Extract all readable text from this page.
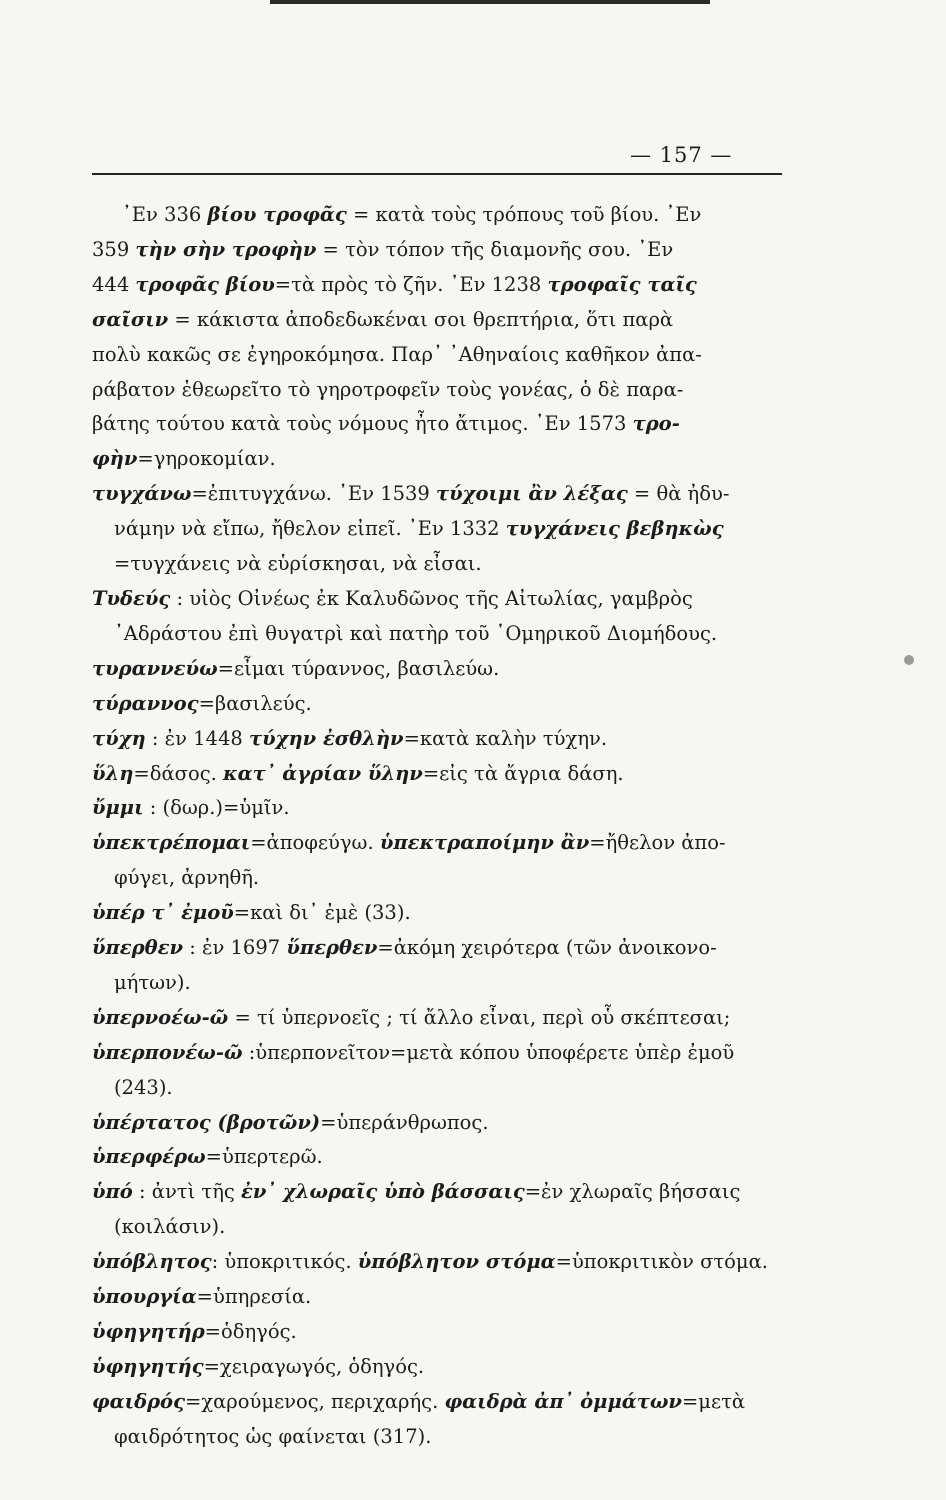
— 157 —

᾿Εν 336 βίου τροφᾶς = κατὰ τοὺς τρόπους τοῦ βίου. ᾿Εν

359 τὴν σὴν τροφὴν = τὸν τόπον τῆς διαμονῆς σου. ᾿Εν

444 τροφᾶς βίου=τὰ πρὸς τὸ ζῆν. ᾿Εν 1238 τροφαῖς ταῖς

σαῖσιν = κάκιστα ἀποδεδωκέναι σοι θρεπτήρια, ὅτι παρὰ

πολὺ κακῶς σε ἐγηροκόμησα. Παρ᾿ ᾿Αθηναίοις καθῆκον ἀπα-

ράβατον ἐθεωρεῖτο τὸ γηροτροφεῖν τοὺς γονέας, ὁ δὲ παρα-

βάτης τούτου κατὰ τοὺς νόμους ἦτο ἄτιμος. ᾿Εν 1573 τρο-

φὴν=γηροκομίαν.

τυγχάνω=ἐπιτυγχάνω. ᾿Εν 1539 τύχοιμι ἂν λέξας = θὰ ἠδυ-
νάμην νὰ εἴπω, ἤθελον εἰπεῖ. ᾿Εν 1332 τυγχάνεις βεβηκὼς
=τυγχάνεις νὰ εὑρίσκησαι, νὰ εἶσαι.
Τυδεύς : υἱὸς Οἰνέως ἐκ Καλυδῶνος τῆς Αἰτωλίας, γαμβρὸς
᾿Αδράστου ἐπὶ θυγατρὶ καὶ πατὴρ τοῦ ῾Ομηρικοῦ Διομήδους.
τυραννεύω=εἶμαι τύραννος, βασιλεύω.
τύραννος=βασιλεύς.
τύχη : ἐν 1448 τύχην ἐσθλὴν=κατὰ καλὴν τύχην.
ὕλη=δάσος. κατ᾿ ἀγρίαν ὕλην=εἰς τὰ ἄγρια δάση.
ὔμμι : (δωρ.)=ὑμῖν.
ὑπεκτρέπομαι=ἀποφεύγω. ὑπεκτραποίμην ἂν=ἤθελον ἀπο-
φύγει, ἀρνηθῆ.
ὑπέρ τ᾿ ἐμοῦ=καὶ δι᾿ ἐμὲ (33).
ὕπερθεν : ἐν 1697 ὕπερθεν=ἀκόμη χειρότερα (τῶν ἀνοικονο-
μήτων).
ὑπερνοέω-ῶ = τί ὑπερνοεῖς ; τί ἄλλο εἶναι, περὶ οὗ σκέπτεσαι;
ὑπερπονέω-ῶ :ὑπερπονεῖτον=μετὰ κόπου ὑποφέρετε ὑπὲρ ἐμοῦ
(243).
ὑπέρτατος (βροτῶν)=ὑπεράνθρωπος.
ὑπερφέρω=ὑπερτερῶ.
ὑπό : ἀντὶ τῆς ἐν᾿ χλωραῖς ὑπὸ βάσσαις=ἐν χλωραῖς βήσσαις
(κοιλάσιν).
ὑπόβλητος: ὑποκριτικός. ὑπόβλητον στόμα=ὑποκριτικὸν στόμα.
ὑπουργία=ὑπηρεσία.
ὑφηγητήρ=ὁδηγός.
ὑφηγητής=χειραγωγός, ὁδηγός.
φαιδρός=χαρούμενος, περιχαρής. φαιδρὰ ἀπ᾿ ὀμμάτων=μετὰ
φαιδρότητος ὡς φαίνεται (317).
